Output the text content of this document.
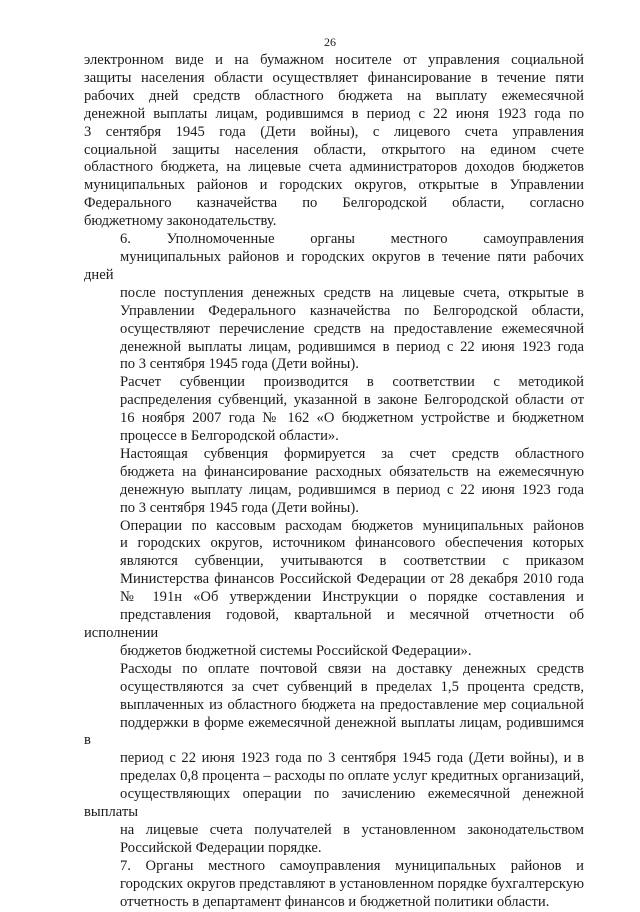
26
электронном виде и на бумажном носителе от управления социальной
защиты населения области осуществляет финансирование в течение пяти
рабочих дней средств областного бюджета на выплату ежемесячной
денежной выплаты лицам, родившимся в период с 22 июня 1923 года по
3 сентября 1945 года (Дети войны), с лицевого счета управления
социальной защиты населения области, открытого на едином счете
областного бюджета, на лицевые счета администраторов доходов бюджетов
муниципальных районов и городских округов, открытые в Управлении
Федерального казначейства по Белгородской области, согласно
бюджетному законодательству.
6. Уполномоченные органы местного самоуправления
муниципальных районов и городских округов в течение пяти рабочих дней
после поступления денежных средств на лицевые счета, открытые в
Управлении Федерального казначейства по Белгородской области,
осуществляют перечисление средств на предоставление ежемесячной
денежной выплаты лицам, родившимся в период с 22 июня 1923 года
по 3 сентября 1945 года (Дети войны).
Расчет субвенции производится в соответствии с методикой
распределения субвенций, указанной в законе Белгородской области от
16 ноября 2007 года № 162 «О бюджетном устройстве и бюджетном
процессе в Белгородской области».
Настоящая субвенция формируется за счет средств областного
бюджета на финансирование расходных обязательств на ежемесячную
денежную выплату лицам, родившимся в период с 22 июня 1923 года
по 3 сентября 1945 года (Дети войны).
Операции по кассовым расходам бюджетов муниципальных районов
и городских округов, источником финансового обеспечения которых
являются субвенции, учитываются в соответствии с приказом
Министерства финансов Российской Федерации от 28 декабря 2010 года
№ 191н «Об утверждении Инструкции о порядке составления и
представления годовой, квартальной и месячной отчетности об исполнении
бюджетов бюджетной системы Российской Федерации».
Расходы по оплате почтовой связи на доставку денежных средств
осуществляются за счет субвенций в пределах 1,5 процента средств,
выплаченных из областного бюджета на предоставление мер социальной
поддержки в форме ежемесячной денежной выплаты лицам, родившимся в
период с 22 июня 1923 года по 3 сентября 1945 года (Дети войны), и в
пределах 0,8 процента – расходы по оплате услуг кредитных организаций,
осуществляющих операции по зачислению ежемесячной денежной выплаты
на лицевые счета получателей в установленном законодательством
Российской Федерации порядке.
7. Органы местного самоуправления муниципальных районов и
городских округов представляют в установленном порядке бухгалтерскую
отчетность в департамент финансов и бюджетной политики области.
